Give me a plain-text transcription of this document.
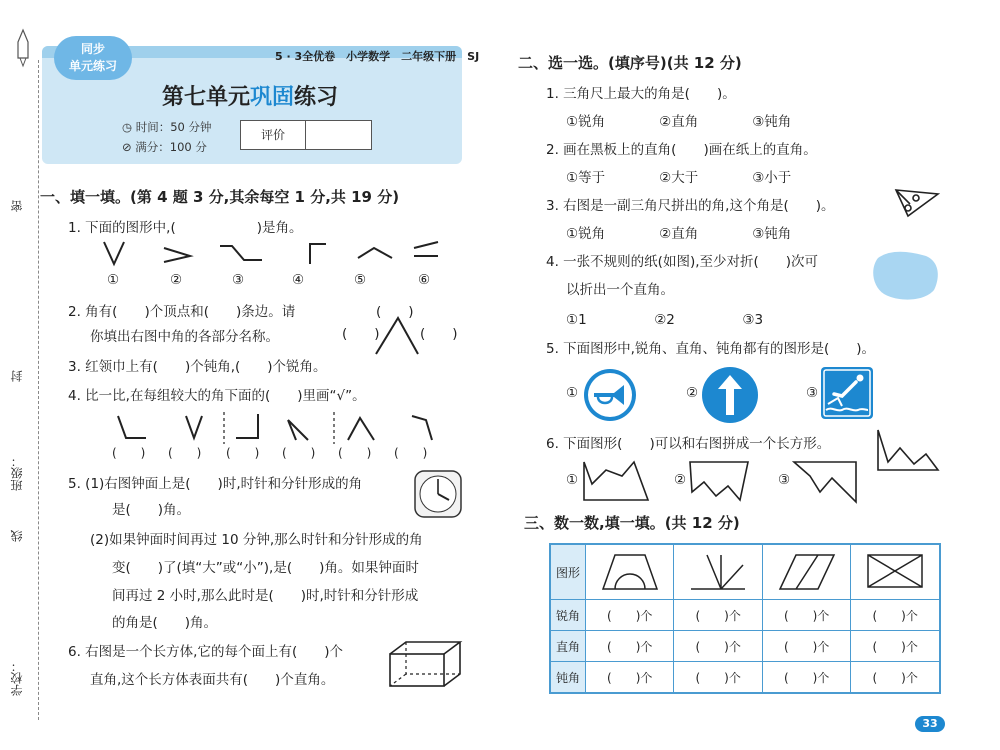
密
封
线
班级：
学校：
同步
单元练习
5 · 3全优卷　小学数学　二年级下册　SJ
第七单元巩固练习
◷ 时间：50 分钟
⊘ 满分：100 分
评价
一、填一填。(第 4 题 3 分,其余每空 1 分,共 19 分)
1. 下面的图形中,(　　　　　　)是角。
①	②	③	④	⑤	⑥
2. 角有(　　)个顶点和(　　)条边。请
你填出右图中角的各部分名称。
(　　)
(　　)	(　　)
3. 红领巾上有(　　)个钝角,(　　)个锐角。
4. 比一比,在每组较大的角下面的(　　)里画“√”。
(　　) (　　) (　　) (　　) (　　) (　　)
5. (1)右图钟面上是(　　)时,时针和分针形成的角
是(　　)角。
(2)如果钟面时间再过 10 分钟,那么时针和分针形成的角
变(　　)了(填“大”或“小”),是(　　)角。如果钟面时
间再过 2 小时,那么此时是(　　)时,时针和分针形成
的角是(　　)角。
6. 右图是一个长方体,它的每个面上有(　　)个
直角,这个长方体表面共有(　　)个直角。
二、选一选。(填序号)(共 12 分)
1. 三角尺上最大的角是(　　)。
①锐角　　　　②直角　　　　③钝角
2. 画在黑板上的直角(　　)画在纸上的直角。
①等于　　　　②大于　　　　③小于
3. 右图是一副三角尺拼出的角,这个角是(　　)。
①锐角　　　　②直角　　　　③钝角
4. 一张不规则的纸(如图),至少对折(　　)次可
以折出一个直角。
①1　　　　　②2　　　　　③3
5. 下面图形中,锐角、直角、钝角都有的图形是(　　)。
①	②	③
6. 下面图形(　　)可以和右图拼成一个长方形。
①	②	③
三、数一数,填一填。(共 12 分)
图形				
锐角	(　　)个	(　　)个	(　　)个	(　　)个
直角	(　　)个	(　　)个	(　　)个	(　　)个
钝角	(　　)个	(　　)个	(　　)个	(　　)个
33
